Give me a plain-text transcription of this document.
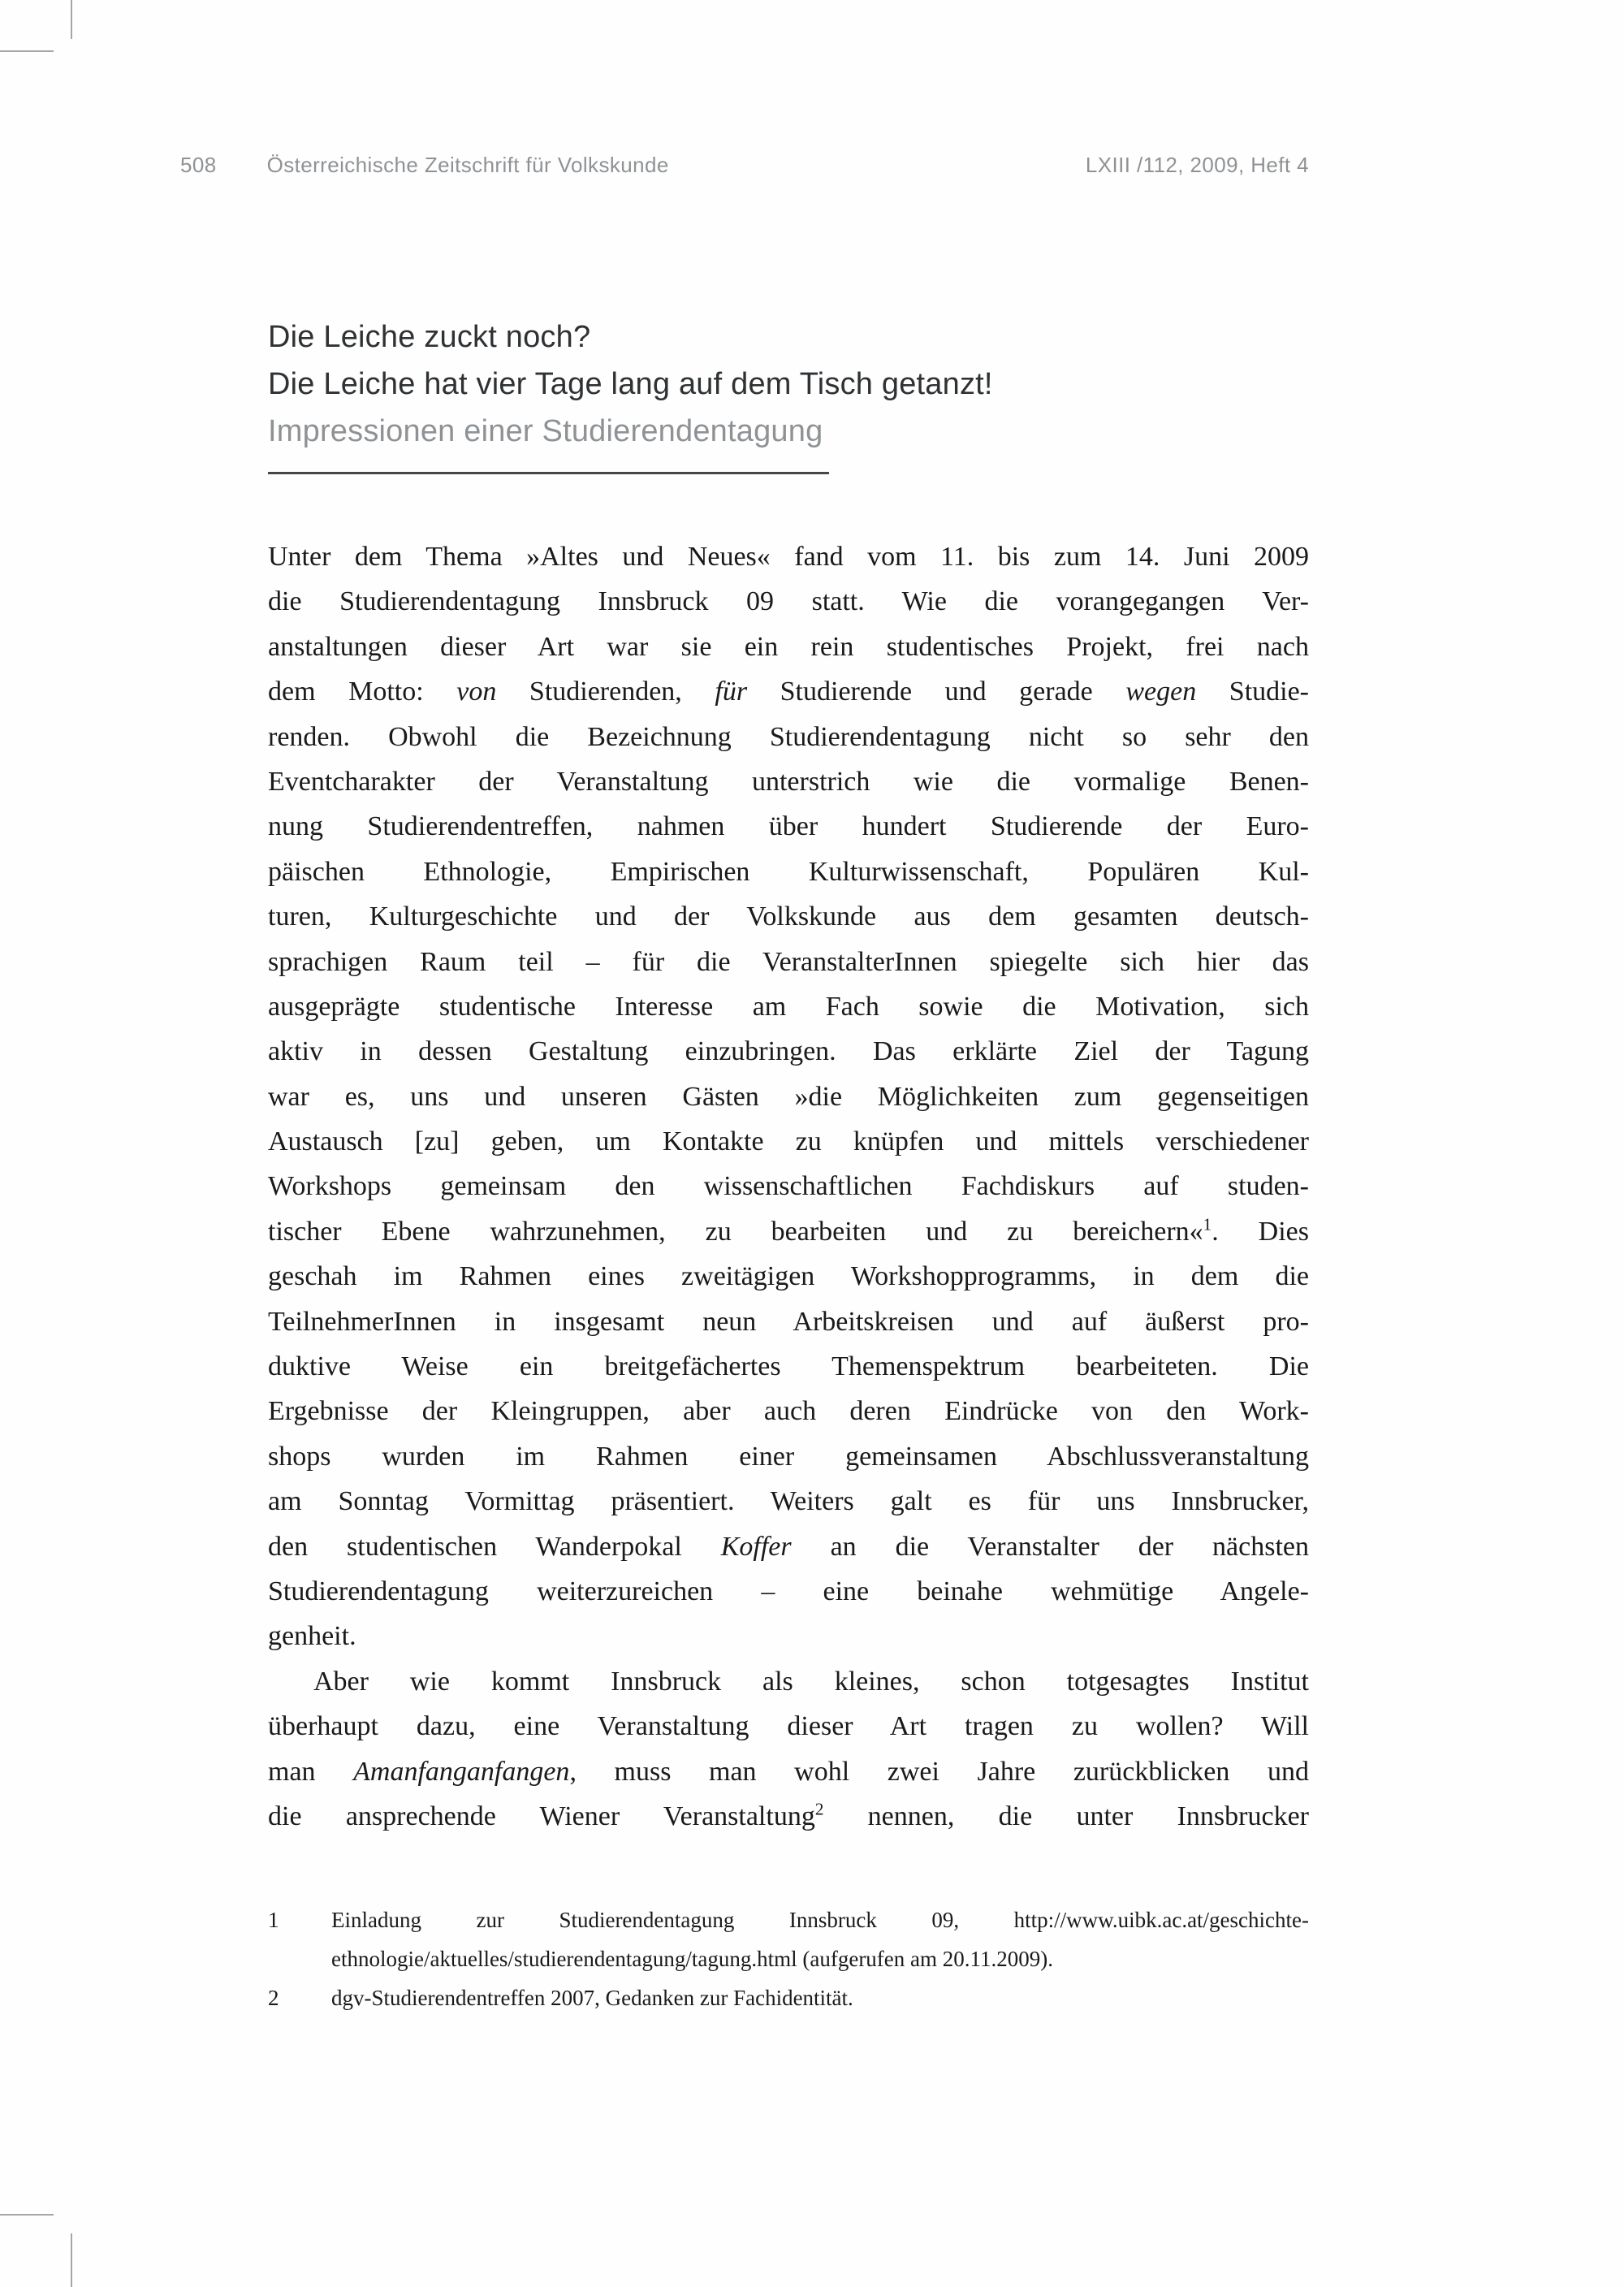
508 Österreichische Zeitschrift für Volkskunde	LXIII /112, 2009, Heft 4
Die Leiche zuckt noch?
Die Leiche hat vier Tage lang auf dem Tisch getanzt!
Impressionen einer Studierendentagung
Unter dem Thema »Altes und Neues« fand vom 11. bis zum 14. Juni 2009
die Studierendentagung Innsbruck 09 statt. Wie die vorangegangen Ver-
anstaltungen dieser Art war sie ein rein studentisches Projekt, frei nach
dem Motto: von Studierenden, für Studierende und gerade wegen Studie-
renden. Obwohl die Bezeichnung Studierendentagung nicht so sehr den
Eventcharakter der Veranstaltung unterstrich wie die vormalige Benen-
nung Studierendentreffen, nahmen über hundert Studierende der Euro-
päischen Ethnologie, Empirischen Kulturwissenschaft, Populären Kul-
turen, Kulturgeschichte und der Volkskunde aus dem gesamten deutsch-
sprachigen Raum teil – für die VeranstalterInnen spiegelte sich hier das
ausgeprägte studentische Interesse am Fach sowie die Motivation, sich
aktiv in dessen Gestaltung einzubringen. Das erklärte Ziel der Tagung
war es, uns und unseren Gästen »die Möglichkeiten zum gegenseitigen
Austausch [zu] geben, um Kontakte zu knüpfen und mittels verschiedener
Workshops gemeinsam den wissenschaftlichen Fachdiskurs auf studen-
tischer Ebene wahrzunehmen, zu bearbeiten und zu bereichern«$^1$. Dies
geschah im Rahmen eines zweitägigen Workshopprogramms, in dem die
TeilnehmerInnen in insgesamt neun Arbeitskreisen und auf äußerst pro-
duktive Weise ein breitgefächertes Themenspektrum bearbeiteten. Die
Ergebnisse der Kleingruppen, aber auch deren Eindrücke von den Work-
shops wurden im Rahmen einer gemeinsamen Abschlussveranstaltung
am Sonntag Vormittag präsentiert. Weiters galt es für uns Innsbrucker,
den studentischen Wanderpokal Koffer an die Veranstalter der nächsten
Studierendentagung weiterzureichen – eine beinahe wehmütige Angele-
genheit.
Aber wie kommt Innsbruck als kleines, schon totgesagtes Institut
überhaupt dazu, eine Veranstaltung dieser Art tragen zu wollen? Will
man Amanfanganfangen, muss man wohl zwei Jahre zurückblicken und
die ansprechende Wiener Veranstaltung$^2$ nennen, die unter Innsbrucker
1	Einladung zur Studierendentagung Innsbruck 09, http://www.uibk.ac.at/geschichte-
ethnologie/aktuelles/studierendentagung/tagung.html (aufgerufen am 20.11.2009).
2	dgv-Studierendentreffen 2007, Gedanken zur Fachidentität.
